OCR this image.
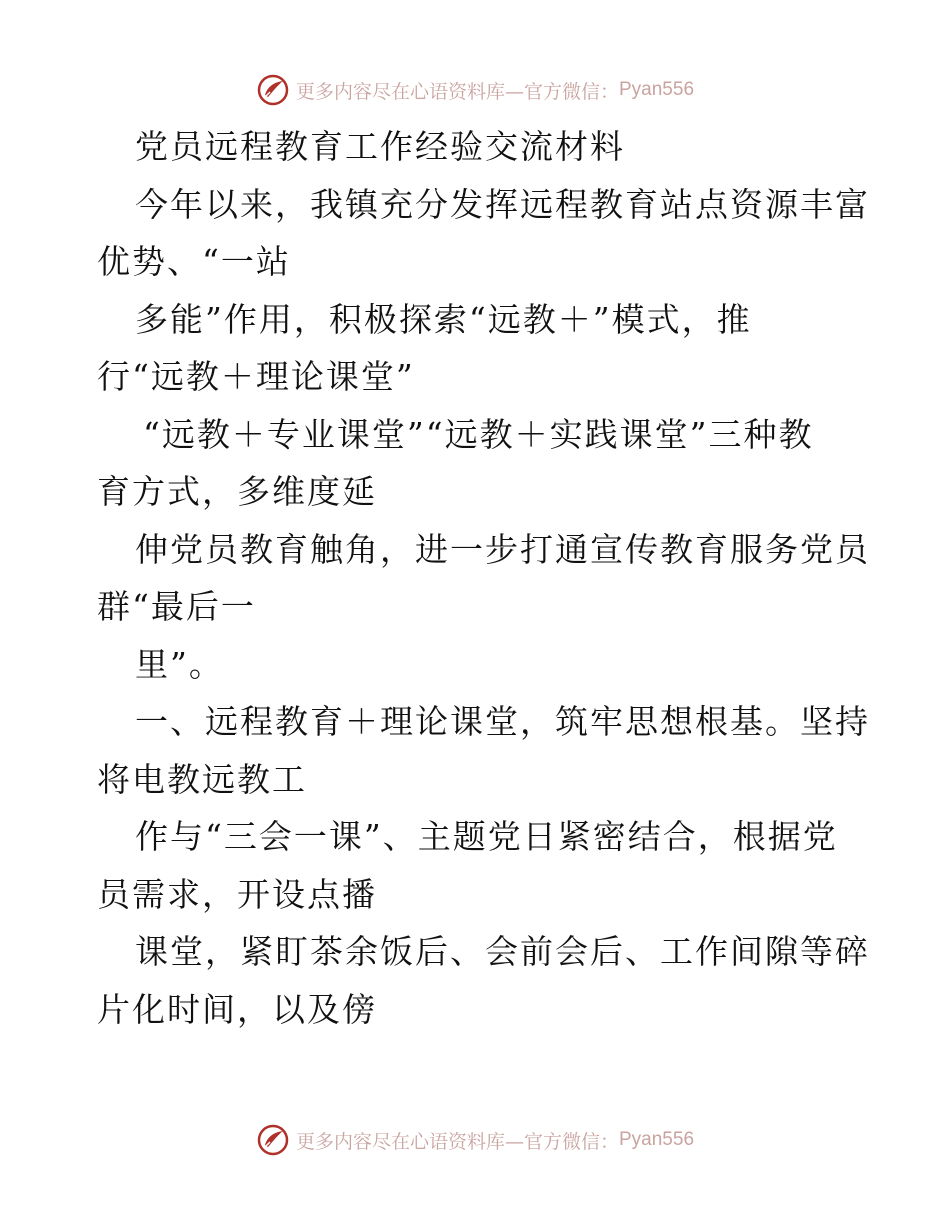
更多内容尽在心语资料库—官方微信： Pyan556
党员远程教育工作经验交流材料
今年以来，我镇充分发挥远程教育站点资源丰富
优势、“一站
多能”作用，积极探索“远教＋”模式，推
行“远教＋理论课堂”
“远教＋专业课堂”“远教＋实践课堂”三种教
育方式，多维度延
伸党员教育触角，进一步打通宣传教育服务党员
群“最后一
里”。
一、远程教育＋理论课堂，筑牢思想根基。坚持
将电教远教工
作与“三会一课”、主题党日紧密结合，根据党
员需求，开设点播
课堂，紧盯茶余饭后、会前会后、工作间隙等碎
片化时间，以及傍
更多内容尽在心语资料库—官方微信： Pyan556
